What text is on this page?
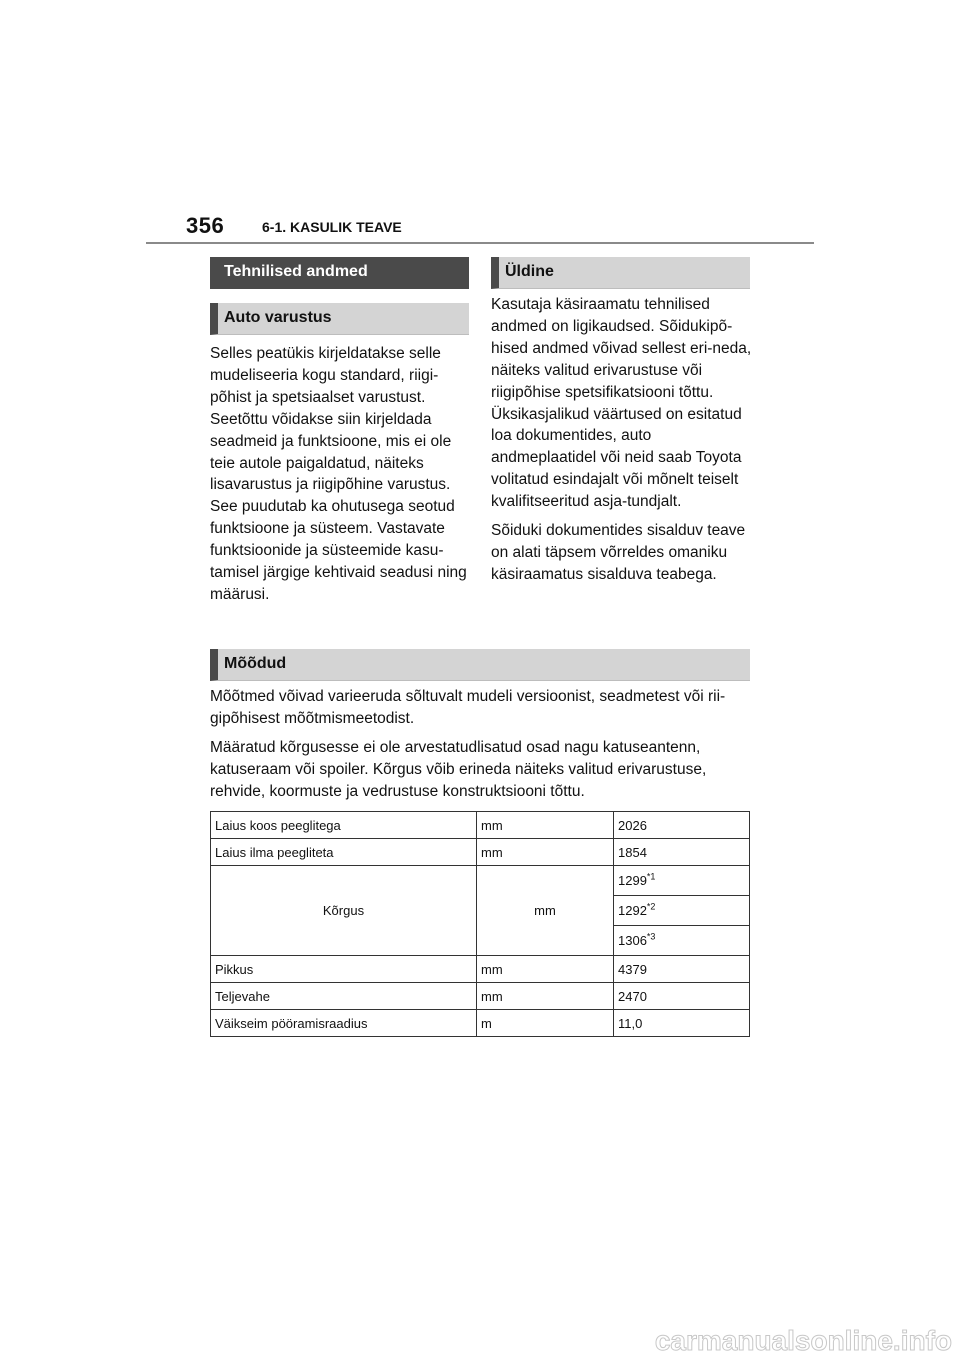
356	6-1. KASULIK TEAVE
Tehnilised andmed
Auto varustus

Selles peatükis kirjeldatakse selle mudeliseeria kogu standard, riigi-põhist ja spetsiaalset varustust. Seetõttu võidakse siin kirjeldada seadmeid ja funktsioone, mis ei ole teie autole paigaldatud, näiteks lisavarustus ja riigipõhine varustus. See puudutab ka ohutusega seotud funktsioone ja süsteem. Vastavate funktsioonide ja süsteemide kasu-tamisel järgige kehtivaid seadusi ning määrusi.

Üldine

Kasutaja käsiraamatu tehnilised andmed on ligikaudsed. Sõidukipõ-hised andmed võivad sellest eri-neda, näiteks valitud erivarustuse või riigipõhise spetsifikatsiooni tõttu. Üksikasjalikud väärtused on esitatud loa dokumentides, auto andmeplaatidel või neid saab Toyota volitatud esindajalt või mõnelt teiselt kvalifitseeritud asja-tundjalt.

Sõiduki dokumentides sisalduv teave on alati täpsem võrreldes omaniku käsiraamatus sisalduva teabega.

Mõõdud

Mõõtmed võivad varieeruda sõltuvalt mudeli versioonist, seadmetest või rii-gipõhisest mõõtmismeetodist.

Määratud kõrgusesse ei ole arvestatudlisatud osad nagu katuseantenn, katuseraam või spoiler. Kõrgus võib erineda näiteks valitud erivarustuse, rehvide, koormuste ja vedrustuse konstruktsiooni tõttu.

Laius koos peeglitega	mm	2026
Laius ilma peegliteta	mm	1854
Kõrgus	mm	1299$^{*1}$
		1292$^{*2}$
		1306$^{*3}$
Pikkus	mm	4379
Teljevahe	mm	2470
Väikseim pööramisraadius	m	11,0
carmanualsonline.info
